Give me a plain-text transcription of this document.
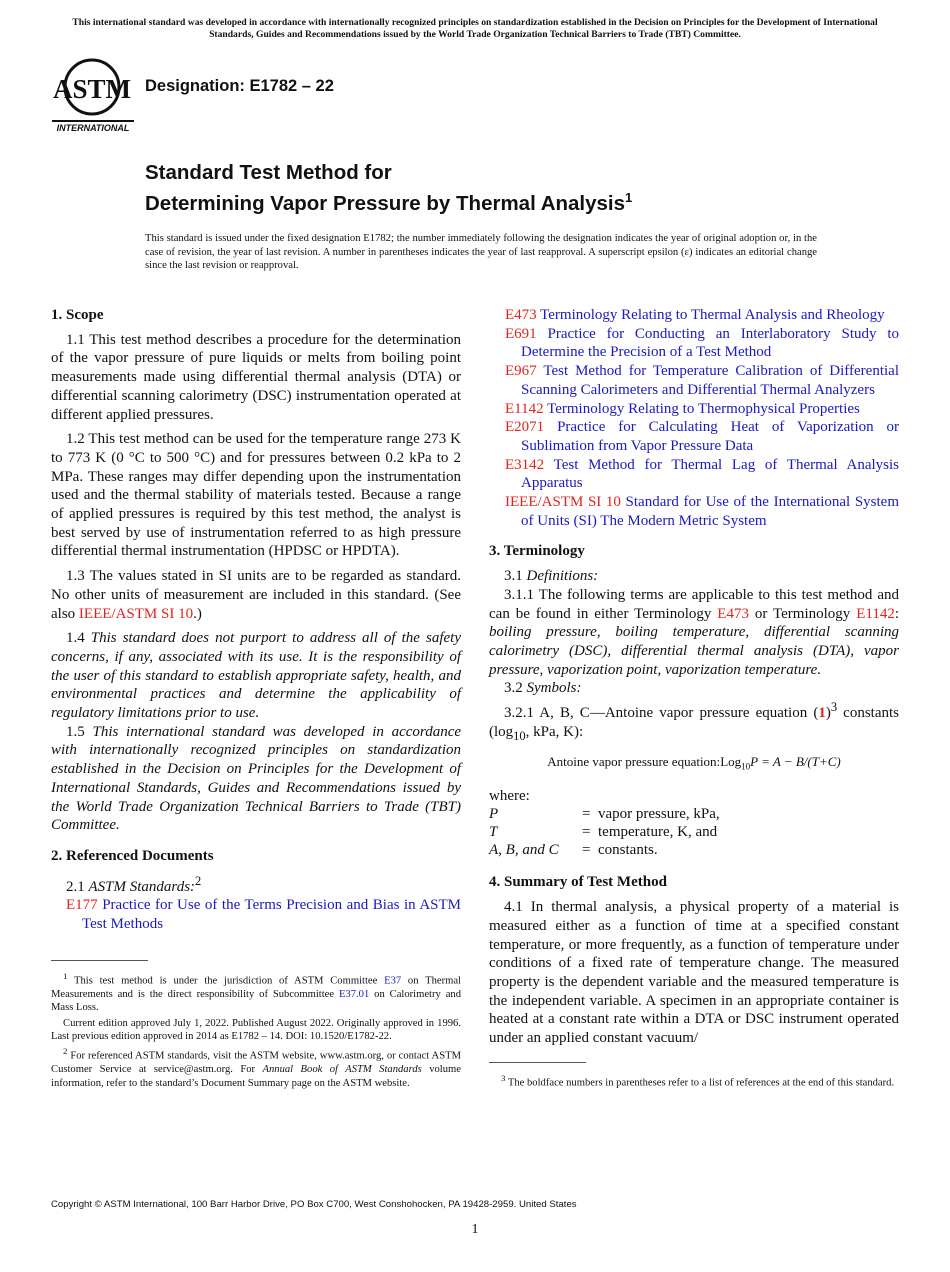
This international standard was developed in accordance with internationally recognized principles on standardization established in the Decision on Principles for the Development of International Standards, Guides and Recommendations issued by the World Trade Organization Technical Barriers to Trade (TBT) Committee.
ASTM
INTERNATIONAL
Designation: E1782 – 22
Standard Test Method for
Determining Vapor Pressure by Thermal Analysis$^1$
This standard is issued under the fixed designation E1782; the number immediately following the designation indicates the year of original adoption or, in the case of revision, the year of last revision. A number in parentheses indicates the year of last reapproval. A superscript epsilon (ε) indicates an editorial change since the last revision or reapproval.
1. Scope

1.1 This test method describes a procedure for the determination of the vapor pressure of pure liquids or melts from boiling point measurements made using differential thermal analysis (DTA) or differential scanning calorimetry (DSC) instrumentation operated at different applied pressures.

1.2 This test method can be used for the temperature range 273 K to 773 K (0 °C to 500 °C) and for pressures between 0.2 kPa to 2 MPa. These ranges may differ depending upon the instrumentation used and the thermal stability of materials tested. Because a range of applied pressures is required by this test method, the analyst is best served by use of instrumentation referred to as high pressure differential thermal instrumentation (HPDSC or HPDTA).

1.3 The values stated in SI units are to be regarded as standard. No other units of measurement are included in this standard. (See also IEEE/ASTM SI 10.)

1.4 This standard does not purport to address all of the safety concerns, if any, associated with its use. It is the responsibility of the user of this standard to establish appropriate safety, health, and environmental practices and determine the applicability of regulatory limitations prior to use.

1.5 This international standard was developed in accordance with internationally recognized principles on standardization established in the Decision on Principles for the Development of International Standards, Guides and Recommendations issued by the World Trade Organization Technical Barriers to Trade (TBT) Committee.

2. Referenced Documents

2.1 ASTM Standards:$^2$

E177 Practice for Use of the Terms Precision and Bias in ASTM Test Methods

$^1$ This test method is under the jurisdiction of ASTM Committee E37 on Thermal Measurements and is the direct responsibility of Subcommittee E37.01 on Calorimetry and Mass Loss.

Current edition approved July 1, 2022. Published August 2022. Originally approved in 1996. Last previous edition approved in 2014 as E1782 – 14. DOI: 10.1520/E1782-22.

$^2$ For referenced ASTM standards, visit the ASTM website, www.astm.org, or contact ASTM Customer Service at service@astm.org. For Annual Book of ASTM Standards volume information, refer to the standard’s Document Summary page on the ASTM website.

E473 Terminology Relating to Thermal Analysis and Rheology

E691 Practice for Conducting an Interlaboratory Study to Determine the Precision of a Test Method

E967 Test Method for Temperature Calibration of Differential Scanning Calorimeters and Differential Thermal Analyzers

E1142 Terminology Relating to Thermophysical Properties

E2071 Practice for Calculating Heat of Vaporization or Sublimation from Vapor Pressure Data

E3142 Test Method for Thermal Lag of Thermal Analysis Apparatus

IEEE/ASTM SI 10 Standard for Use of the International System of Units (SI) The Modern Metric System

3. Terminology

3.1 Definitions:

3.1.1 The following terms are applicable to this test method and can be found in either Terminology E473 or Terminology E1142: boiling pressure, boiling temperature, differential scanning calorimetry (DSC), differential thermal analysis (DTA), vapor pressure, vaporization point, vaporization temperature.

3.2 Symbols:

3.2.1 A, B, C—Antoine vapor pressure equation $(1)^3$ constants ($\log_{10}$, kPa, K):

Antoine vapor pressure equation:Log$_{10}$P = A − B/(T+C)
where:
P	=	vapor pressure, kPa,
T	=	temperature, K, and
A, B, and C	=	constants.
4. Summary of Test Method

4.1 In thermal analysis, a physical property of a material is measured either as a function of time at a specified constant temperature, or more frequently, as a function of temperature under conditions of a fixed rate of temperature change. The measured property is the dependent variable and the measured temperature is the independent variable. A specimen in an appropriate container is heated at a constant rate within a DTA or DSC instrument operated under an applied constant vacuum/

$^3$ The boldface numbers in parentheses refer to a list of references at the end of this standard.

Copyright © ASTM International, 100 Barr Harbor Drive, PO Box C700, West Conshohocken, PA 19428-2959. United States
1
